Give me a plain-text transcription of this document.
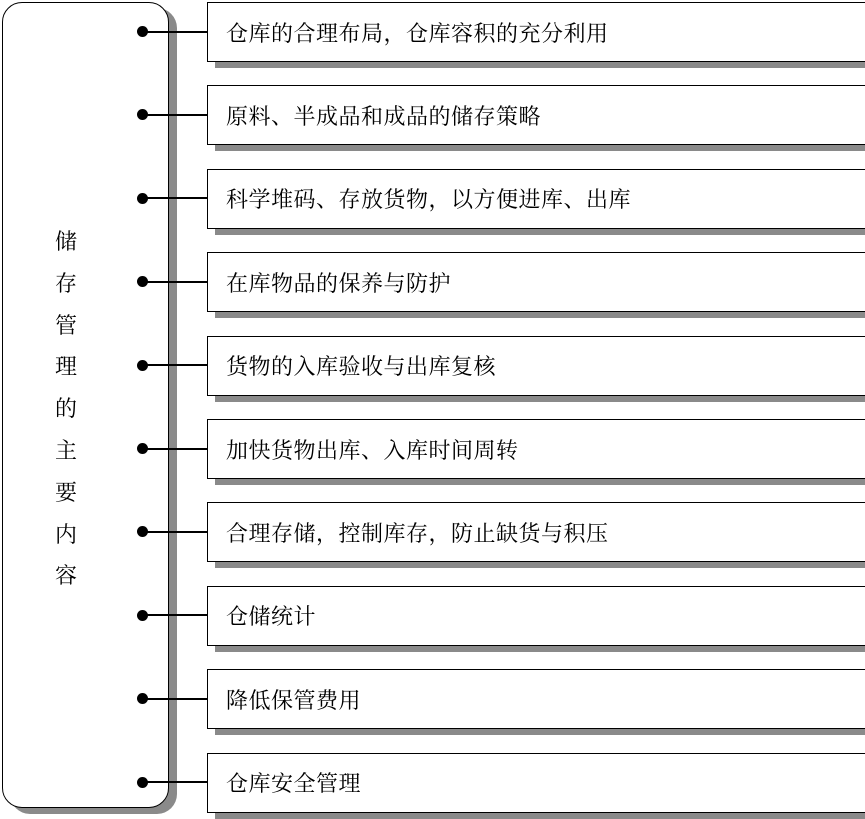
储
存
管
理
的
主
要
内
容
仓库的合理布局，仓库容积的充分利用
原料、半成品和成品的储存策略
科学堆码、存放货物，以方便进库、出库
在库物品的保养与防护
货物的入库验收与出库复核
加快货物出库、入库时间周转
合理存储，控制库存，防止缺货与积压
仓储统计
降低保管费用
仓库安全管理
